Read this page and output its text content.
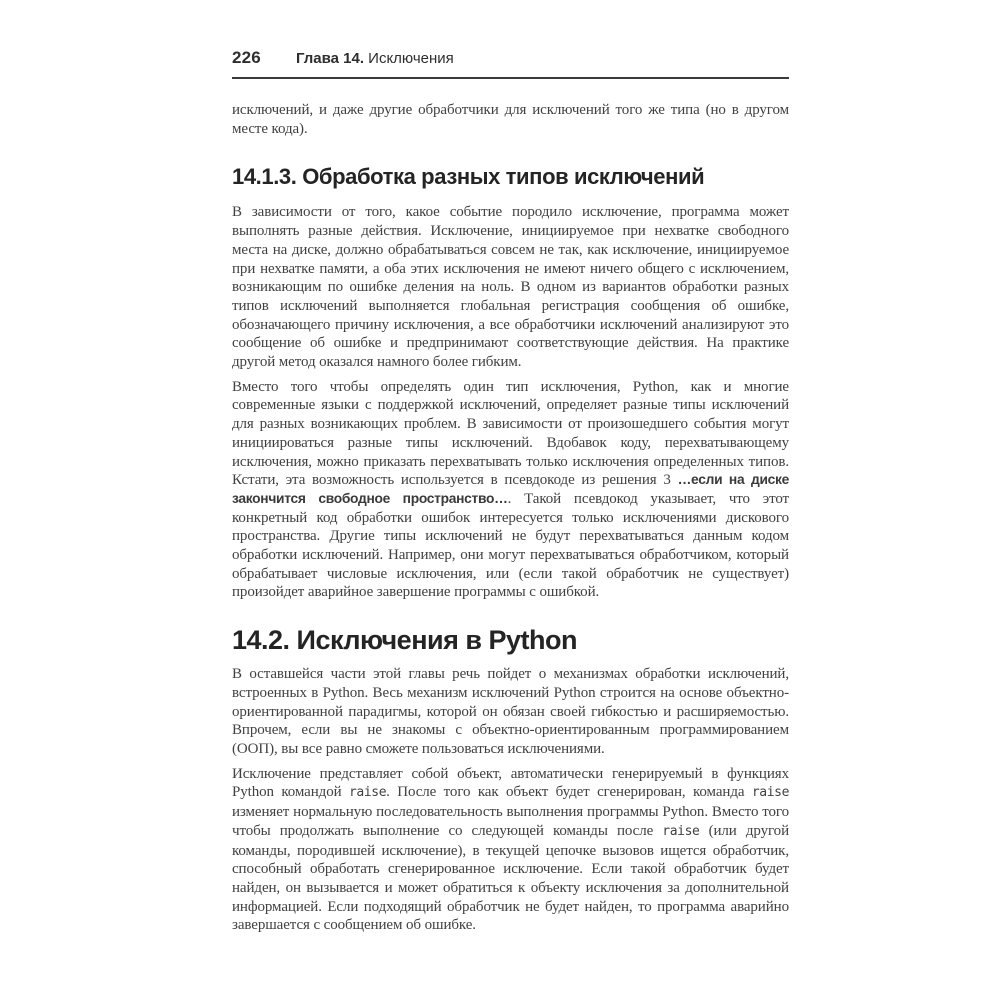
226 Глава 14. Исключения

исключений, и даже другие обработчики для исключений того же типа (но в другом месте кода).

14.1.3. Обработка разных типов исключений

В зависимости от того, какое событие породило исключение, программа может выполнять разные действия. Исключение, инициируемое при нехватке свободного места на диске, должно обрабатываться совсем не так, как исключение, инициируемое при нехватке памяти, а оба этих исключения не имеют ничего общего с исключением, возникающим по ошибке деления на ноль. В одном из вариантов обработки разных типов исключений выполняется глобальная регистрация сообщения об ошибке, обозначающего причину исключения, а все обработчики исключений анализируют это сообщение об ошибке и предпринимают соответствующие действия. На практике другой метод оказался намного более гибким.

Вместо того чтобы определять один тип исключения, Python, как и многие современные языки с поддержкой исключений, определяет разные типы исключений для разных возникающих проблем. В зависимости от произошедшего события могут инициироваться разные типы исключений. Вдобавок коду, перехватывающему исключения, можно приказать перехватывать только исключения определенных типов. Кстати, эта возможность используется в псевдокоде из решения 3 …если на диске закончится свободное пространство…. Такой псевдокод указывает, что этот конкретный код обработки ошибок интересуется только исключениями дискового пространства. Другие типы исключений не будут перехватываться данным кодом обработки исключений. Например, они могут перехватываться обработчиком, который обрабатывает числовые исключения, или (если такой обработчик не существует) произойдет аварийное завершение программы с ошибкой.

14.2. Исключения в Python

В оставшейся части этой главы речь пойдет о механизмах обработки исключений, встроенных в Python. Весь механизм исключений Python строится на основе объектно-ориентированной парадигмы, которой он обязан своей гибкостью и расширяемостью. Впрочем, если вы не знакомы с объектно-ориентированным программированием (ООП), вы все равно сможете пользоваться исключениями.

Исключение представляет собой объект, автоматически генерируемый в функциях Python командой raise. После того как объект будет сгенерирован, команда raise изменяет нормальную последовательность выполнения программы Python. Вместо того чтобы продолжать выполнение со следующей команды после raise (или другой команды, породившей исключение), в текущей цепочке вызовов ищется обработчик, способный обработать сгенерированное исключение. Если такой обработчик будет найден, он вызывается и может обратиться к объекту исключения за дополнительной информацией. Если подходящий обработчик не будет найден, то программа аварийно завершается с сообщением об ошибке.
